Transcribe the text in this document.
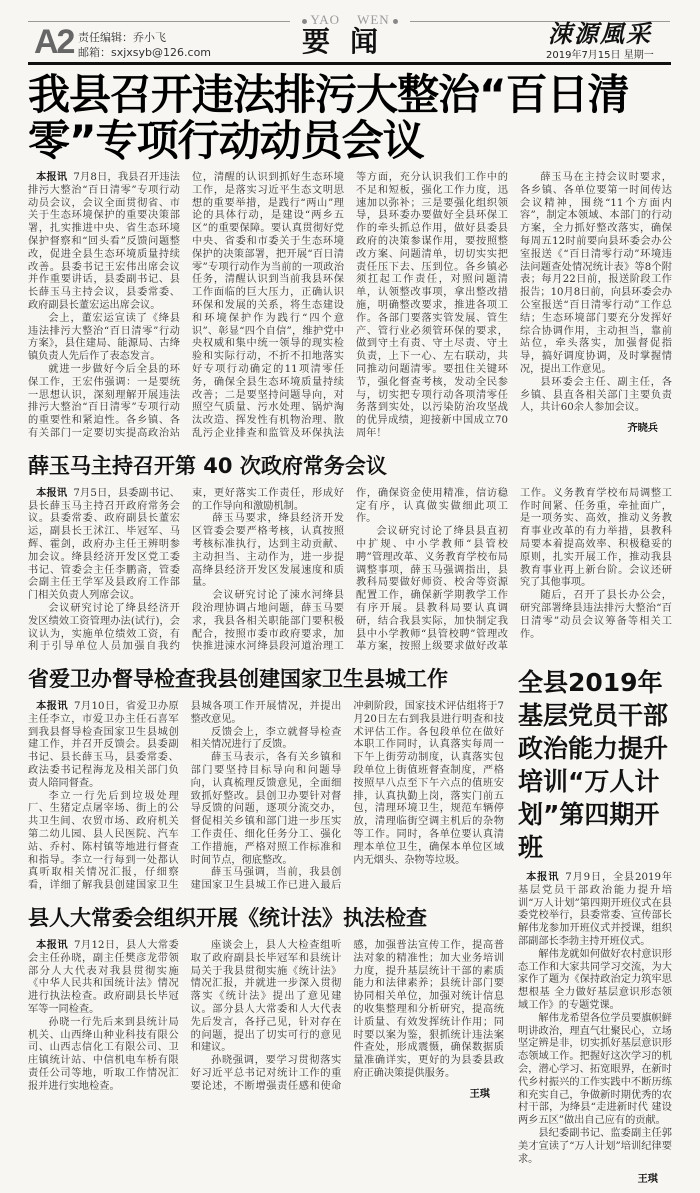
YAO WEN
A2 责任编辑：乔小飞
邮箱：sxjxsyb@126.com	要闻	涑源風采
2019年7月15日 星期一
我县召开违法排污大整治“百日清零”专项行动动员会议

本报讯 7月8日，我县召开违法排污大整治“百日清零”专项行动动员会议，会议全面贯彻省、市关于生态环境保护的重要决策部署，扎实推进中央、省生态环境保护督察和“回头看”反馈问题整改，促进全县生态环境质量持续改善。县委书记王宏伟出席会议并作重要讲话，县委副书记、县长薛玉马主持会议，县委常委、政府副县长董宏运出席会议。

会上，董宏运宣读了《绛县违法排污大整治“百日清零”行动方案》，县住建局、能源局、古绛镇负责人先后作了表态发言。

就进一步做好今后全县的环保工作，王宏伟强调：一是要统一思想认识，深刻理解开展违法排污大整治“百日清零”专项行动的重要性和紧迫性。各乡镇、各有关部门一定要切实提高政治站位，清醒的认识到抓好生态环境工作，是落实习近平生态文明思想的重要举措，是践行“两山”理论的具体行动，是建设“两乡五区”的重要保障。要认真贯彻好党中央、省委和市委关于生态环境保护的决策部署，把开展“百日清零”专项行动作为当前的一项政治任务，清醒认识到当前我县环保工作面临的巨大压力，正确认识环保和发展的关系，将生态建设和环境保护作为践行“四个意识”、彰显“四个自信”，维护党中央权威和集中统一领导的现实检验和实际行动，不折不扣地落实好专项行动确定的11项清零任务，确保全县生态环境质量持续改善；二是要坚持问题导向，对照空气质量、污水处理、锅炉淘汰改造、挥发性有机物治理、散乱污企业排查和监管及环保执法等方面，充分认识我们工作中的不足和短板，强化工作力度，迅速加以弥补；三是要强化组织领导，县环委办要做好全县环保工作的牵头抓总作用，做好县委县政府的决策参谋作用，要按照整改方案、问题清单，切切实实把责任压下去、压到位。各乡镇必须扛起工作责任，对照问题清单，认领整改事项，拿出整改措施，明确整改要求，推进各项工作。各部门要落实管发展、管生产、管行业必须管环保的要求，做到守土有责、守土尽责、守土负责，上下一心、左右联动，共同推动问题清零。要扭住关键环节，强化督查考核，发动全民参与，切实把专项行动各项清零任务落到实处，以污染防治攻坚战的优异成绩，迎接新中国成立70周年！

薛玉马在主持会议时要求，各乡镇、各单位要第一时间传达会议精神，围绕“11个方面内容”，制定本领域、本部门的行动方案，全力抓好整改落实，确保每周五12时前要向县环委会办公室报送《“百日清零行动”环境违法问题查处情况统计表》等8个附表；每月22日前，报送阶段工作报告；10月8日前，向县环委会办公室报送“百日清零行动”工作总结；生态环境部门要充分发挥好综合协调作用，主动担当，靠前站位，牵头落实，加强督促指导，搞好调度协调，及时掌握情况，提出工作意见。

县环委会主任、副主任，各乡镇、县直各相关部门主要负责人，共计60余人参加会议。

齐晓兵

薛玉马主持召开第 40 次政府常务会议

本报讯 7月5日，县委副书记、县长薛玉马主持召开政府常务会议。县委常委、政府副县长董宏运，副县长王沭江、毕冠军、马辉、霍剑，政府办主任王辨明参加会议。绛县经济开发区党工委书记、管委会主任李鹏斋，管委会副主任王学军及县政府工作部门相关负责人列席会议。

会议研究讨论了绛县经济开发区绩效工资管理办法(试行)，会议认为，实施单位绩效工资，有利于引导单位人员加强自我约束，更好落实工作责任，形成好的工作导向和激励机制。

薛玉马要求，绛县经济开发区管委会要严格考核，认真按照考核标准执行，达到主动贡献、主动担当、主动作为，进一步提高绛县经济开发区发展速度和质量。

会议研究讨论了涑水河绛县段治理协调占地问题，薛玉马要求，我县各相关职能部门要积极配合，按照市委市政府要求，加快推进涑水河绛县段河道治理工作，确保资金使用精准，信访稳定有序，认真做实做细此项工作。

会议研究讨论了绛县县直初中扩规、中小学教师“县管校聘”管理改革、义务教育学校布局调整事项，薛玉马强调指出，县教科局要做好师资、校舍等资源配置工作，确保新学期教学工作有序开展。县教科局要认真调研，结合我县实际，加快制定我县中小学教师“县管校聘”管理改革方案，按照上级要求做好改革工作。义务教育学校布局调整工作时间紧、任务重，牵扯面广，是一项务实、高效，推动义务教育事业改革的有力举措，县教科局要本着提高效率、积极稳妥的原则，扎实开展工作，推动我县教育事业再上新台阶。会议还研究了其他事项。

随后，召开了县长办公会，研究部署绛县违法排污大整治“百日清零”动员会议筹备等相关工作。

省爱卫办督导检查我县创建国家卫生县城工作

本报讯 7月10日，省爱卫办原主任李立，市爱卫办主任石喜军到我县督导检查国家卫生县城创建工作，并召开反馈会。县委副书记、县长薛玉马，县委常委、政法委书记程海龙及相关部门负责人陪同督查。

李立一行先后到垃圾处理厂、生猪定点屠宰场、街上的公共卫生间、农贸市场、政府机关第二幼儿园、县人民医院、汽车站、乔村、陈村镇等地进行督查和指导。李立一行每到一处都认真听取相关情况汇报，仔细察看，详细了解我县创建国家卫生县城各项工作开展情况，并提出整改意见。

反馈会上，李立就督导检查相关情况进行了反馈。

薛玉马表示，各有关乡镇和部门要坚持目标导向和问题导向，认真梳理反馈意见，全面细致抓好整改。县创卫办要针对督导反馈的问题，逐项分流交办，督促相关乡镇和部门进一步压实工作责任、细化任务分工、强化工作措施，严格对照工作标准和时间节点，彻底整改。

薛玉马强调，当前，我县创建国家卫生县城工作已进入最后冲刺阶段，国家技术评估组将于7月20日左右到我县进行明查和技术评估工作。各包段单位在做好本职工作同时，认真落实每周一下午上街劳动制度，认真落实包段单位上街值班督查制度，严格按照早八点至下午六点的值班安排，认真执勤上岗，落实门前五包，清理环境卫生，规范车辆停放，清理临街空调主机后的杂物等工作。同时，各单位要认真清理本单位卫生，确保本单位区域内无烟头、杂物等垃圾。

县人大常委会组织开展《统计法》执法检查

本报讯 7月12日，县人大常委会主任孙晓，副主任樊彦龙带领部分人大代表对我县贯彻实施《中华人民共和国统计法》情况进行执法检查。政府副县长毕冠军等一同检查。

孙晓一行先后来到县统计局机关、山西绛山种业科技有限公司、山西志信化工有限公司、卫庄镇统计站、中信机电车桥有限责任公司等地，听取工作情况汇报并进行实地检查。

座谈会上，县人大检查组听取了政府副县长毕冠军和县统计局关于我县贯彻实施《统计法》情况汇报，并就进一步深入贯彻落实《统计法》提出了意见建议。部分县人大常委和人大代表先后发言，各抒己见，针对存在的问题，提出了切实可行的意见和建议。

孙晓强调，要学习贯彻落实好习近平总书记对统计工作的重要论述，不断增强责任感和使命感，加强普法宣传工作，提高普法对象的精准性；加大业务培训力度，提升基层统计干部的素质能力和法律素养；县统计部门要协同相关单位，加强对统计信息的收集整理和分析研究，提高统计质量、有效发挥统计作用；同时要以案为鉴，狠抓统计违法案件查处，形成震慑，确保数据质量准确详实，更好的为县委县政府正确决策提供服务。

王琪

全县2019年基层党员干部政治能力提升培训“万人计划”第四期开班

本报讯 7月9日，全县2019年基层党员干部政治能力提升培训“万人计划”第四期开班仪式在县委党校举行，县委常委、宣传部长解伟龙参加开班仪式并授课，组织部副部长李勃主持开班仪式。

解伟龙就如何做好农村意识形态工作和大家共同学习交流，为大家作了题为《保持政治定力筑牢思想根基 全力做好基层意识形态领域工作》的专题党课。

解伟龙希望各位学员要旗帜鲜明讲政治，理直气壮聚民心，立场坚定辨是非，切实抓好基层意识形态领域工作。把握好这次学习的机会，潜心学习、拓宽眼界，在新时代乡村振兴的工作实践中不断历练和充实自己，争做新时期优秀的农村干部，为绛县“走进新时代 建设两乡五区”做出自己应有的贡献。

县纪委副书记、监委副主任郭美才宣读了“万人计划”培训纪律要求。

王琪
